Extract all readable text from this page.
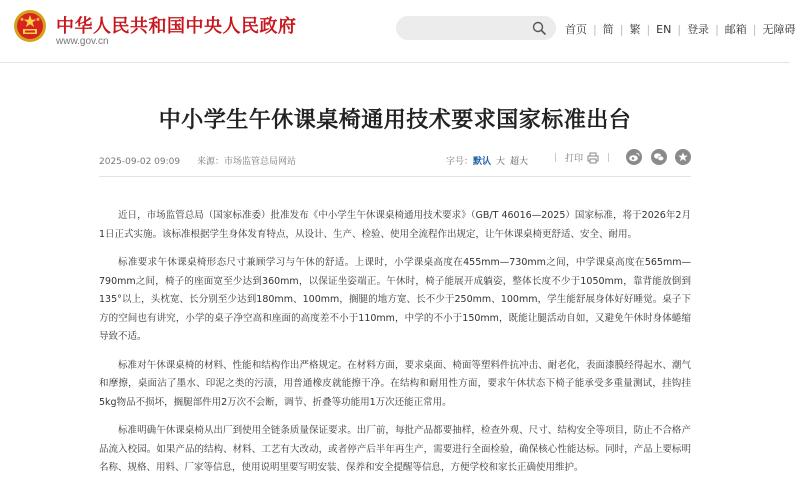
中华人民共和国中央人民政府
www.gov.cn
首页 | 简 | 繁 | EN | 登录 | 邮箱 | 无障碍
中小学生午休课桌椅通用技术要求国家标准出台
2025-09-02 09:09 来源：市场监管总局网站	字号：默认 大 超大	| 打印	|

近日，市场监管总局（国家标准委）批准发布《中小学生午休课桌椅通用技术要求》（GB/T 46016—2025）国家标准，将于2026年2月1日正式实施。该标准根据学生身体发育特点，从设计、生产、检验、使用全流程作出规定，让午休课桌椅更舒适、安全、耐用。

标准要求午休课桌椅形态尺寸兼顾学习与午休的舒适。上课时，小学课桌高度在455mm—730mm之间，中学课桌高度在565mm—790mm之间，椅子的座面宽至少达到360mm，以保证坐姿端正。午休时，椅子能展开成躺姿，整体长度不少于1050mm，靠背能放倒到135°以上，头枕宽、长分别至少达到180mm、100mm，搁腿的地方宽、长不少于250mm、100mm，学生能舒展身体好好睡觉。桌子下方的空间也有讲究，小学的桌子净空高和座面的高度差不小于110mm，中学的不小于150mm，既能让腿活动自如，又避免午休时身体蜷缩导致不适。

标准对午休课桌椅的材料、性能和结构作出严格规定。在材料方面，要求桌面、椅面等塑料件抗冲击、耐老化，表面漆膜经得起水、潮气和摩擦，桌面沾了墨水、印泥之类的污渍，用普通橡皮就能擦干净。在结构和耐用性方面，要求午休状态下椅子能承受多重量测试，挂钩挂5kg物品不损坏，搁腿部件用2万次不会断，调节、折叠等功能用1万次还能正常用。

标准明确午休课桌椅从出厂到使用全链条质量保证要求。出厂前，每批产品都要抽样，检查外观、尺寸、结构安全等项目，防止不合格产品流入校园。如果产品的结构、材料、工艺有大改动，或者停产后半年再生产，需要进行全面检验，确保核心性能达标。同时，产品上要标明名称、规格、用料、厂家等信息，使用说明里要写明安装、保养和安全提醒等信息，方便学校和家长正确使用维护。
